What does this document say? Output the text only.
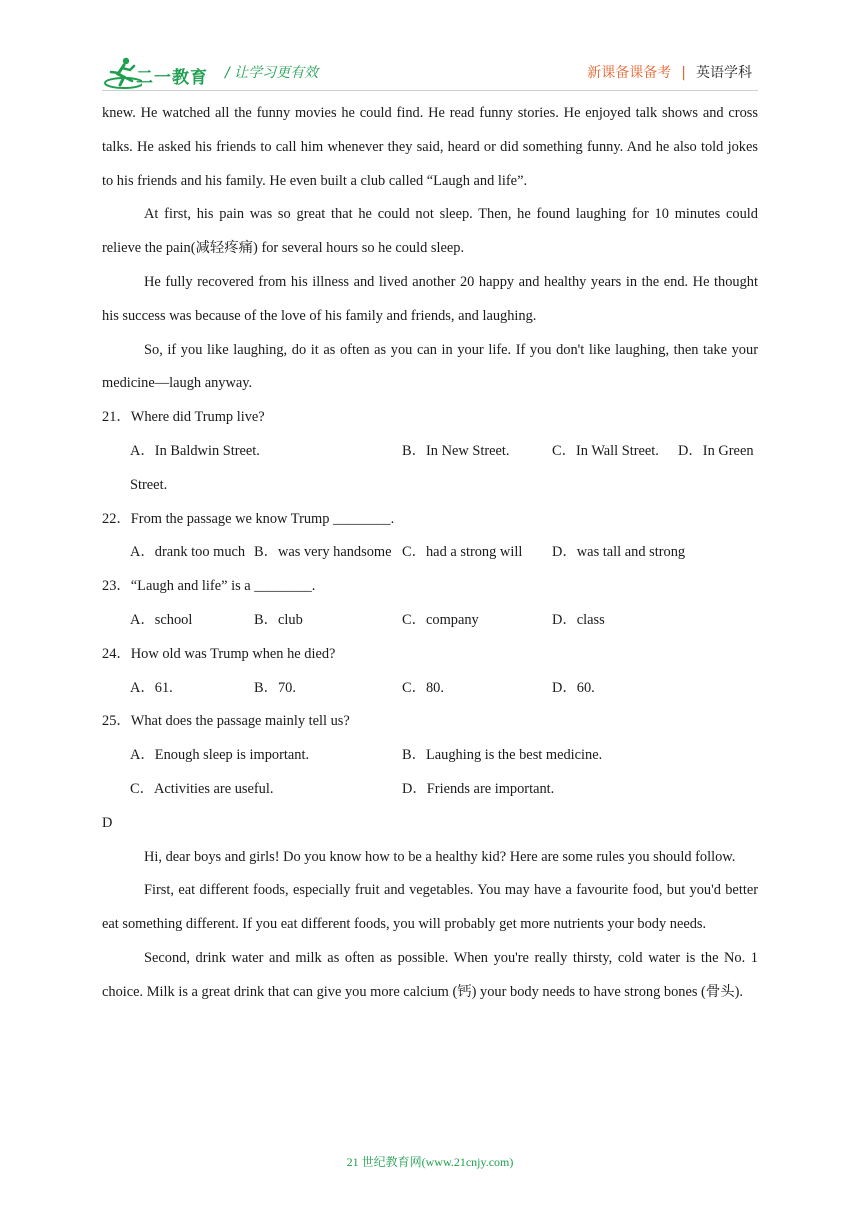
二一教育 / 让学习更有效	新课备课备考 | 英语学科

knew. He watched all the funny movies he could find. He read funny stories. He enjoyed talk shows and cross talks. He asked his friends to call him whenever they said, heard or did something funny. And he also told jokes to his friends and his family. He even built a club called “Laugh and life”.

At first, his pain was so great that he could not sleep. Then, he found laughing for 10 minutes could relieve the pain(减轻疼痛) for several hours so he could sleep.

He fully recovered from his illness and lived another 20 happy and healthy years in the end. He thought his success was because of the love of his family and friends, and laughing.

So, if you like laughing, do it as often as you can in your life. If you don't like laughing, then take your medicine—laugh anyway.

21．Where did Trump live?

A．In Baldwin Street.	B．In New Street.	C．In Wall Street. D．In Green Street.

22．From the passage we know Trump ________.

A．drank too much B．was very handsome C．had a strong will	D．was tall and strong

23．“Laugh and life” is a ________.

A．school	B．club	C．company	D．class

24．How old was Trump when he died?

A．61.	B．70.	C．80.	D．60.

25．What does the passage mainly tell us?

A．Enough sleep is important.	B．Laughing is the best medicine.
C．Activities are useful.	D．Friends are important.

D

Hi, dear boys and girls! Do you know how to be a healthy kid? Here are some rules you should follow.

First, eat different foods, especially fruit and vegetables. You may have a favourite food, but you'd better eat something different. If you eat different foods, you will probably get more nutrients your body needs.

Second, drink water and milk as often as possible. When you're really thirsty, cold water is the No. 1 choice. Milk is a great drink that can give you more calcium (钙) your body needs to have strong bones (骨头).

21 世纪教育网(www.21cnjy.com)
